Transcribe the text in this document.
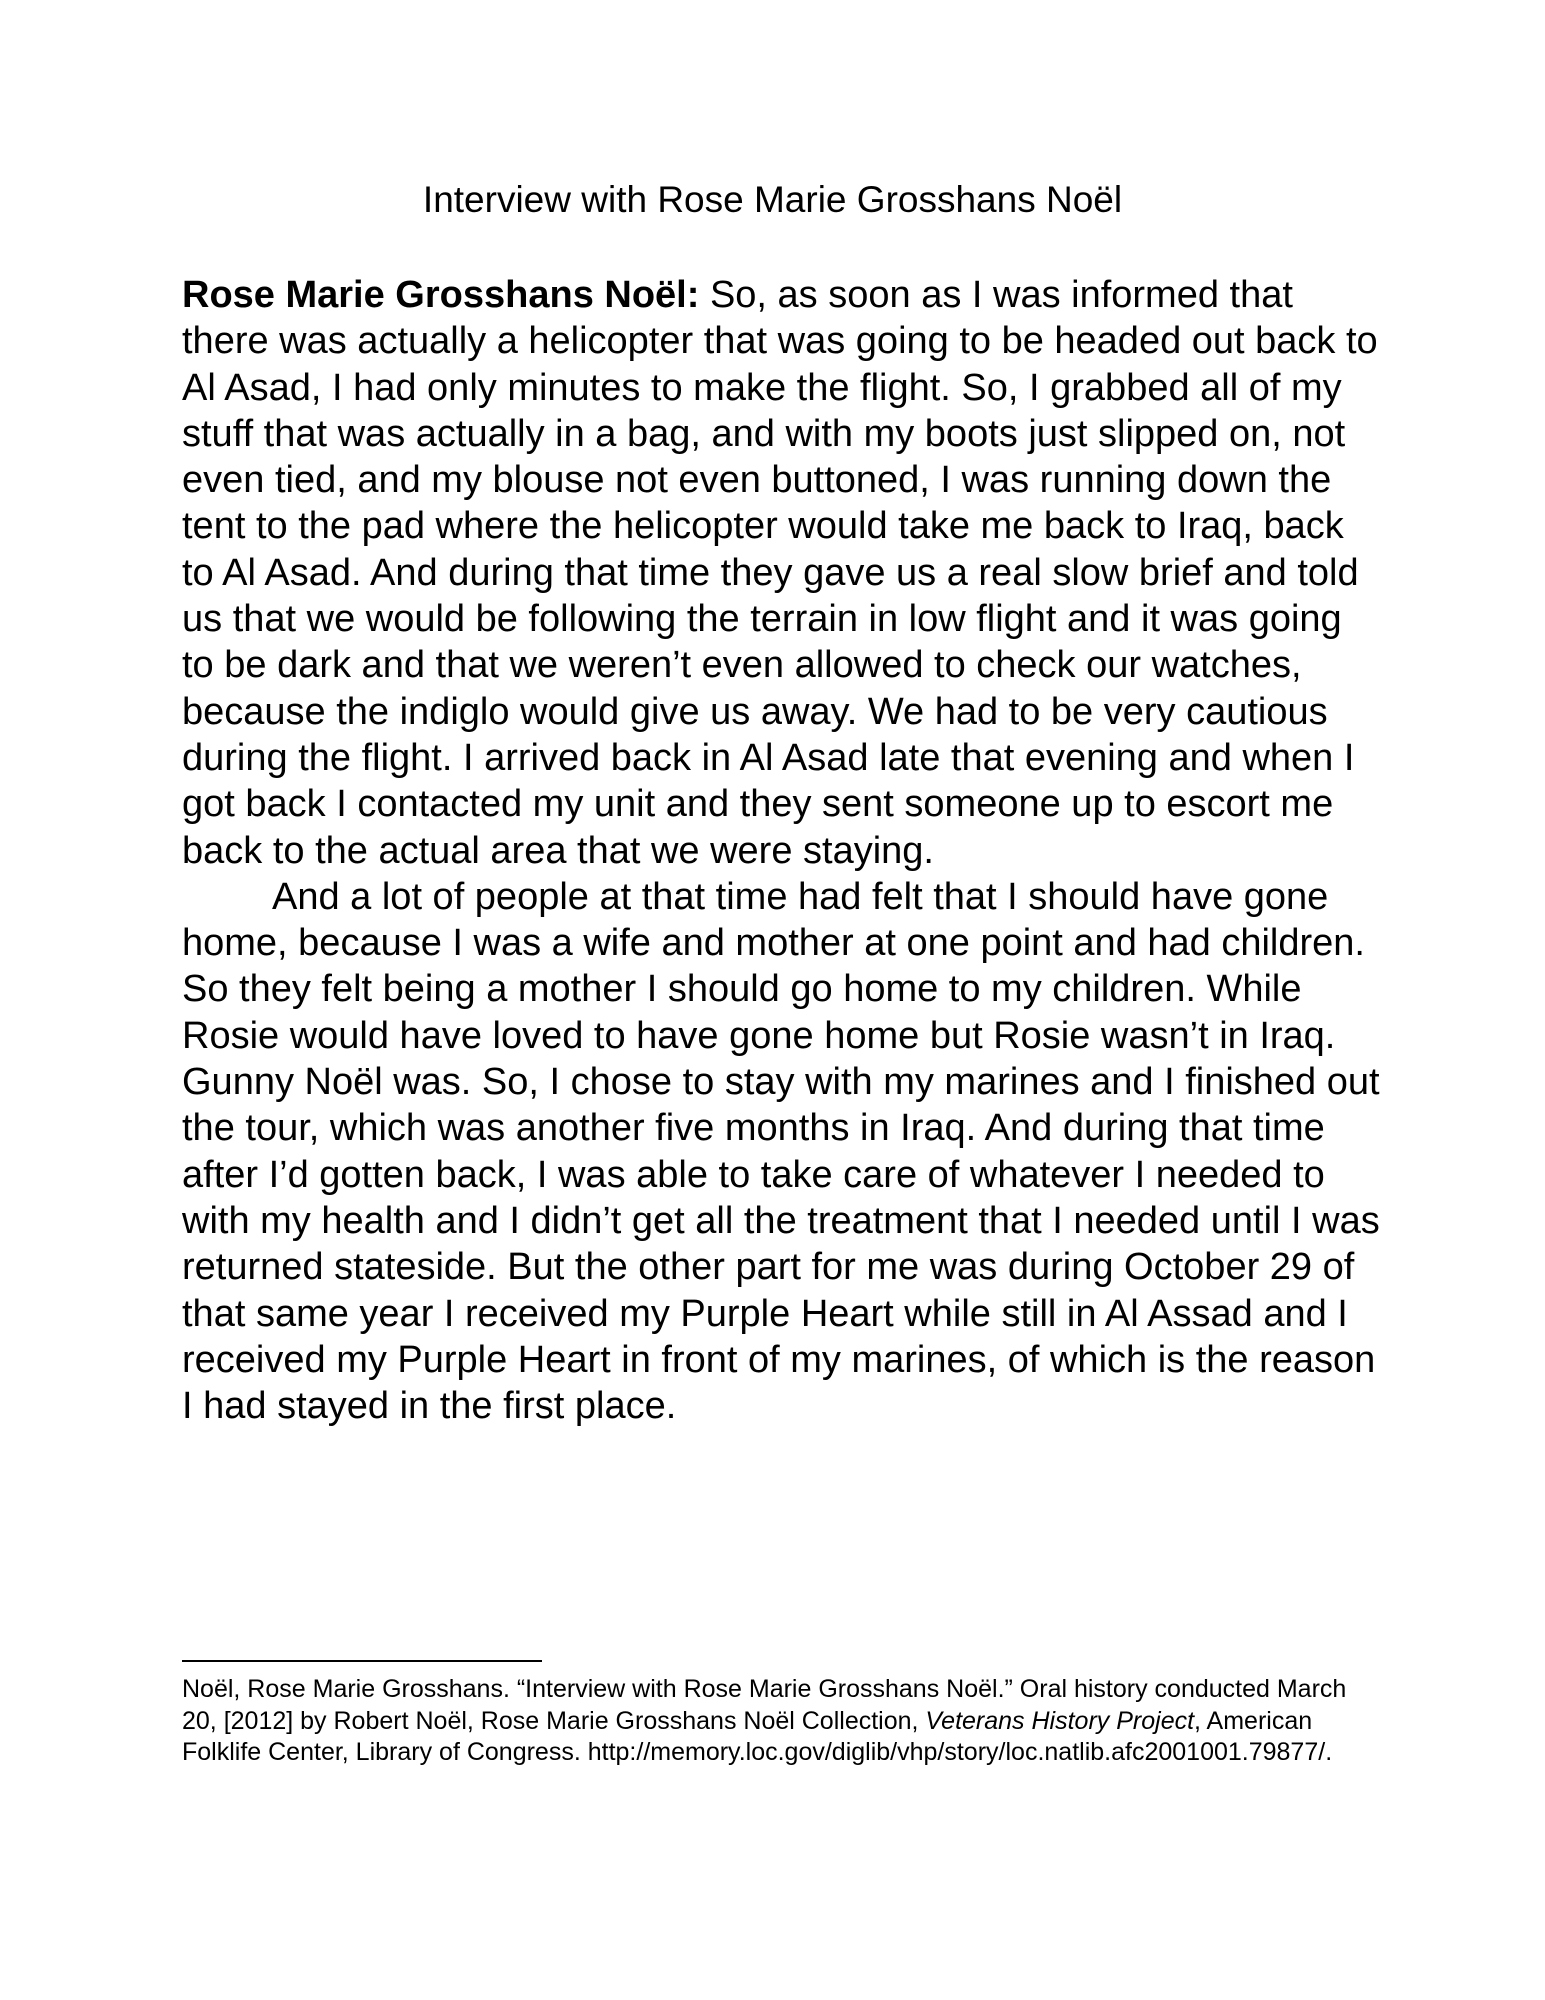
Interview with Rose Marie Grosshans Noël

Rose Marie Grosshans Noël: So, as soon as I was informed that there was actually a helicopter that was going to be headed out back to Al Asad, I had only minutes to make the flight. So, I grabbed all of my stuff that was actually in a bag, and with my boots just slipped on, not even tied, and my blouse not even buttoned, I was running down the tent to the pad where the helicopter would take me back to Iraq, back to Al Asad. And during that time they gave us a real slow brief and told us that we would be following the terrain in low flight and it was going to be dark and that we weren’t even allowed to check our watches, because the indiglo would give us away. We had to be very cautious during the flight. I arrived back in Al Asad late that evening and when I got back I contacted my unit and they sent someone up to escort me back to the actual area that we were staying.

And a lot of people at that time had felt that I should have gone home, because I was a wife and mother at one point and had children. So they felt being a mother I should go home to my children. While Rosie would have loved to have gone home but Rosie wasn’t in Iraq. Gunny Noël was. So, I chose to stay with my marines and I finished out the tour, which was another five months in Iraq. And during that time after I’d gotten back, I was able to take care of whatever I needed to with my health and I didn’t get all the treatment that I needed until I was returned stateside. But the other part for me was during October 29 of that same year I received my Purple Heart while still in Al Assad and I received my Purple Heart in front of my marines, of which is the reason I had stayed in the first place.

Noël, Rose Marie Grosshans. “Interview with Rose Marie Grosshans Noël.” Oral history conducted March 20, [2012] by Robert Noël, Rose Marie Grosshans Noël Collection, Veterans History Project, American Folklife Center, Library of Congress. http://memory.loc.gov/diglib/vhp/story/loc.natlib.afc2001001.79877/.
